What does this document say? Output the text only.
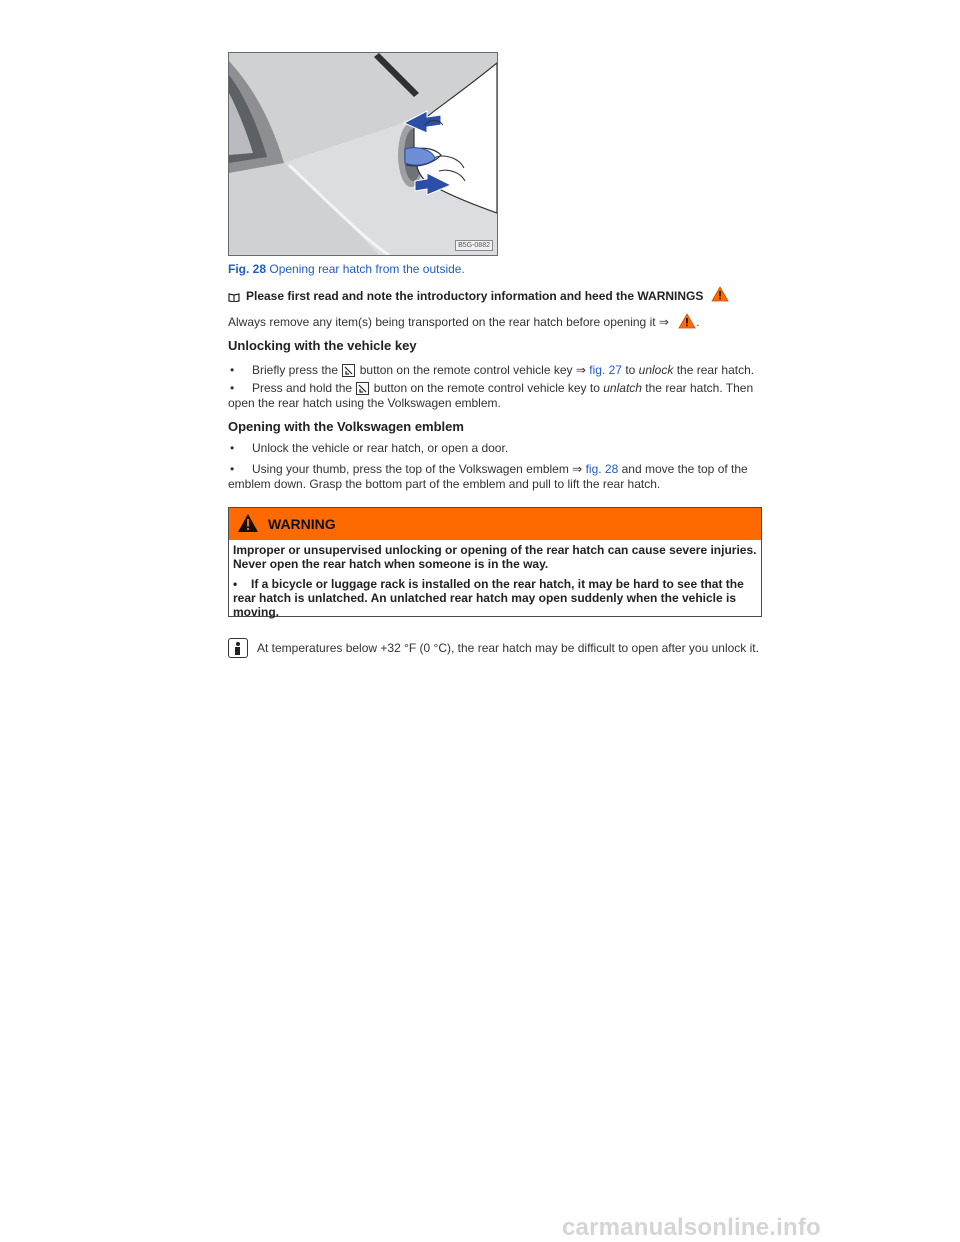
B5G-0882
Fig. 28 Opening rear hatch from the outside.
Please first read and note the introductory information and heed the WARNINGS
Always remove any item(s) being transported on the rear hatch before opening it ⇒ .
Unlocking with the vehicle key
• Briefly press the button on the remote control vehicle key ⇒ fig. 27 to unlock the rear hatch.
• Press and hold the button on the remote control vehicle key to unlatch the rear hatch. Then
open the rear hatch using the Volkswagen emblem.
Opening with the Volkswagen emblem
• Unlock the vehicle or rear hatch, or open a door.
• Using your thumb, press the top of the Volkswagen emblem ⇒ fig. 28 and move the top of the
emblem down. Grasp the bottom part of the emblem and pull to lift the rear hatch.
WARNING

Improper or unsupervised unlocking or opening of the rear hatch can cause severe injuries. Never open the rear hatch when someone is in the way.

• If a bicycle or luggage rack is installed on the rear hatch, it may be hard to see that the rear hatch is unlatched. An unlatched rear hatch may open suddenly when the vehicle is moving.

At temperatures below +32 °F (0 °C), the rear hatch may be difficult to open after you unlock it.
carmanualsonline.info
